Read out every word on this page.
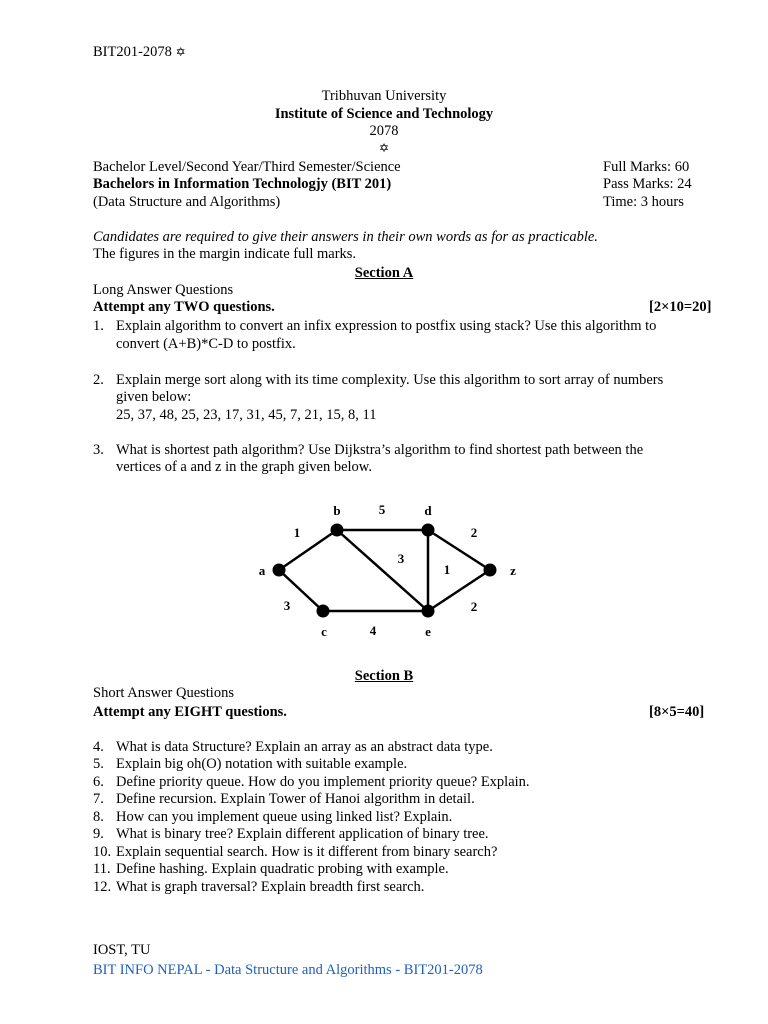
BIT201-2078 ✡
Tribhuvan University
Institute of Science and Technology
2078
✡
Bachelor Level/Second Year/Third Semester/Science
Bachelors in Information Technologjy (BIT 201)
(Data Structure and Algorithms)
Full Marks: 60
Pass Marks: 24
Time: 3 hours
Candidates are required to give their answers in their own words as for as practicable.
The figures in the margin indicate full marks.
Section A
Long Answer Questions
Attempt any TWO questions.	[2×10=20]
1. Explain algorithm to convert an infix expression to postfix using stack? Use this algorithm to
convert (A+B)*C-D to postfix.
2. Explain merge sort along with its time complexity. Use this algorithm to sort array of numbers
given below:
25, 37, 48, 25, 23, 17, 31, 45, 7, 21, 15, 8, 11
3. What is shortest path algorithm? Use Dijkstra’s algorithm to find shortest path between the
vertices of a and z in the graph given below.
1
3
5
3
4
1
2
2
a
b
c
d
e
z
Section B
Short Answer Questions
Attempt any EIGHT questions.	[8×5=40]
4. What is data Structure? Explain an array as an abstract data type.
5. Explain big oh(O) notation with suitable example.
6. Define priority queue. How do you implement priority queue? Explain.
7. Define recursion. Explain Tower of Hanoi algorithm in detail.
8. How can you implement queue using linked list? Explain.
9. What is binary tree? Explain different application of binary tree.
10. Explain sequential search. How is it different from binary search?
11. Define hashing. Explain quadratic probing with example.
12. What is graph traversal? Explain breadth first search.
IOST, TU
BIT INFO NEPAL - Data Structure and Algorithms - BIT201-2078
